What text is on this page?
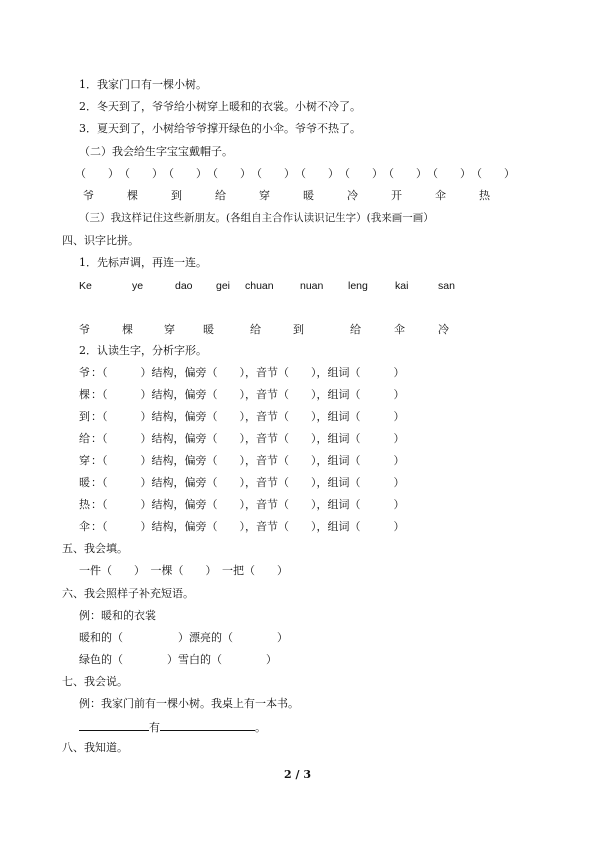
1．我家门口有一棵小树。
2．冬天到了，爷爷给小树穿上暖和的衣裳。小树不冷了。
3．夏天到了，小树给爷爷撑开绿色的小伞。爷爷不热了。
（二）我会给生字宝宝戴帽子。
（　　） （　　） （　　） （　　） （　　） （　　） （　　） （　　） （　　） （　　）
爷	棵	到	给	穿	暖	冷	开	伞	热
（三）我这样记住这些新朋友。(各组自主合作认读识记生字）(我来画一画）
四、识字比拼。
1．先标声调，再连一连。
Ke	ye	dao gei chuan	nuan leng	kai	san
爷	棵	穿	暖	给	到	给	伞	冷
2．认读生字，分析字形。
爷 ：（　　　）结构，偏旁（　　），音节（　　），组词（　　　）
棵 ：（　　　）结构，偏旁（　　），音节（　　），组词（　　　）
到 ：（　　　）结构，偏旁（　　），音节（　　），组词（　　　）
给 ：（　　　）结构，偏旁（　　），音节（　　），组词（　　　）
穿 ：（　　　）结构，偏旁（　　），音节（　　），组词（　　　）
暖 ：（　　　）结构，偏旁（　　），音节（　　），组词（　　　）
热 ：（　　　）结构，偏旁（　　），音节（　　），组词（　　　）
伞 ：（　　　）结构，偏旁（　　），音节（　　），组词（　　　）
五、我会填。
一件（　　）　一棵（　　）　一把（　　）
六、我会照样子补充短语。
例：暖和的衣裳
暖和的（　　　　　）漂亮的（　　　　）
绿色的（　　　　）雪白的（　　　　）
七、我会说。
例：我家门前有一棵小树。我桌上有一本书。
有	。
八、我知道。
2 / 3
